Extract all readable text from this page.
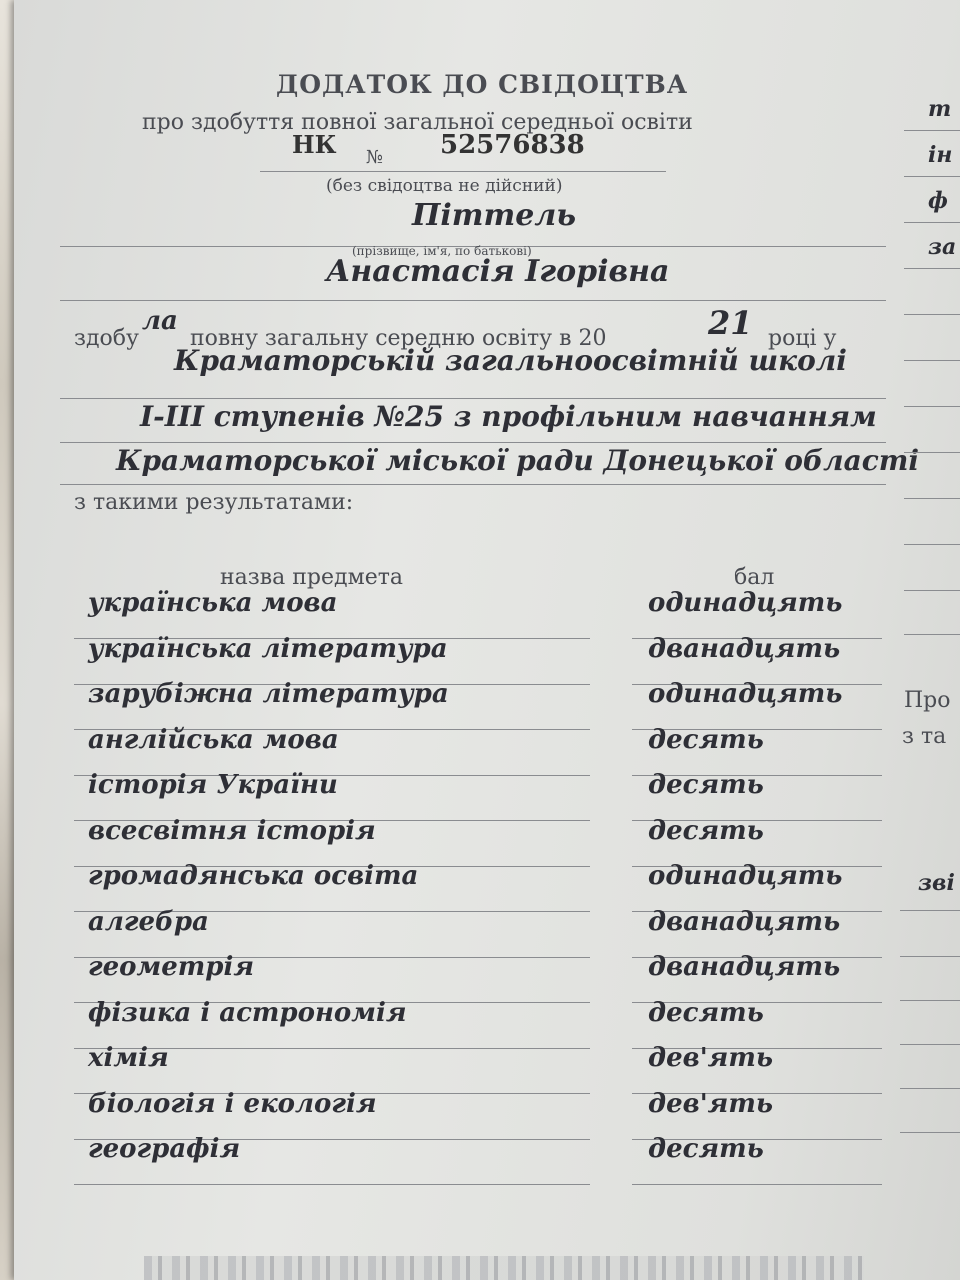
ДОДАТОК ДО СВІДОЦТВА
про здобуття повної загальної середньої освіти
НК № 52576838
(без свідоцтва не дійсний)
Піттель
(прізвище, ім'я, по батькові)
Анастасія Ігорівна
здобу
ла
повну загальну середню освіту в 20	21 році у
Краматорській загальноосвітній школі
І-ІІІ ступенів №25 з профільним навчанням
Краматорської міської ради Донецької області
з такими результатами:
назва предмета	бал
українська мова	одинадцять
українська література	дванадцять
зарубіжна література	одинадцять
англійська мова	десять
історія України	десять
всесвітня історія	десять
громадянська освіта	одинадцять
алгебра	дванадцять
геометрія	дванадцять
фізика і астрономія	десять
хімія	дев'ять
біологія і екологія	дев'ять
географія	десять
т
ін
ф
за
Про
з та
зві
